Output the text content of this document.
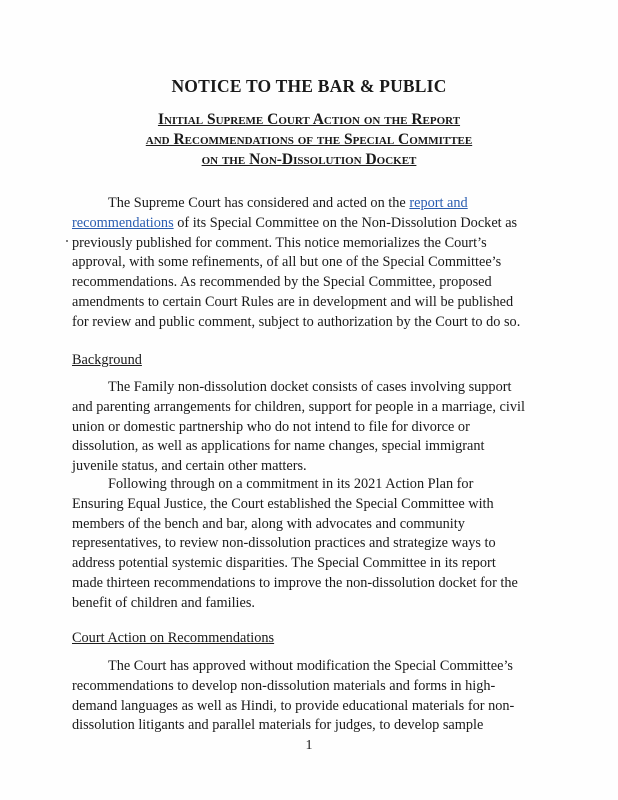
NOTICE TO THE BAR & PUBLIC
Initial Supreme Court Action on the Report
and Recommendations of the Special Committee
on the Non-Dissolution Docket

The Supreme Court has considered and acted on the report and
recommendations of its Special Committee on the Non-Dissolution Docket as
previously published for comment. This notice memorializes the Court’s
approval, with some refinements, of all but one of the Special Committee’s
recommendations. As recommended by the Special Committee, proposed
amendments to certain Court Rules are in development and will be published
for review and public comment, subject to authorization by the Court to do so.

Background

The Family non-dissolution docket consists of cases involving support
and parenting arrangements for children, support for people in a marriage, civil
union or domestic partnership who do not intend to file for divorce or
dissolution, as well as applications for name changes, special immigrant
juvenile status, and certain other matters.

Following through on a commitment in its 2021 Action Plan for
Ensuring Equal Justice, the Court established the Special Committee with
members of the bench and bar, along with advocates and community
representatives, to review non-dissolution practices and strategize ways to
address potential systemic disparities. The Special Committee in its report
made thirteen recommendations to improve the non-dissolution docket for the
benefit of children and families.

Court Action on Recommendations

The Court has approved without modification the Special Committee’s
recommendations to develop non-dissolution materials and forms in high-
demand languages as well as Hindi, to provide educational materials for non-
dissolution litigants and parallel materials for judges, to develop sample

1
